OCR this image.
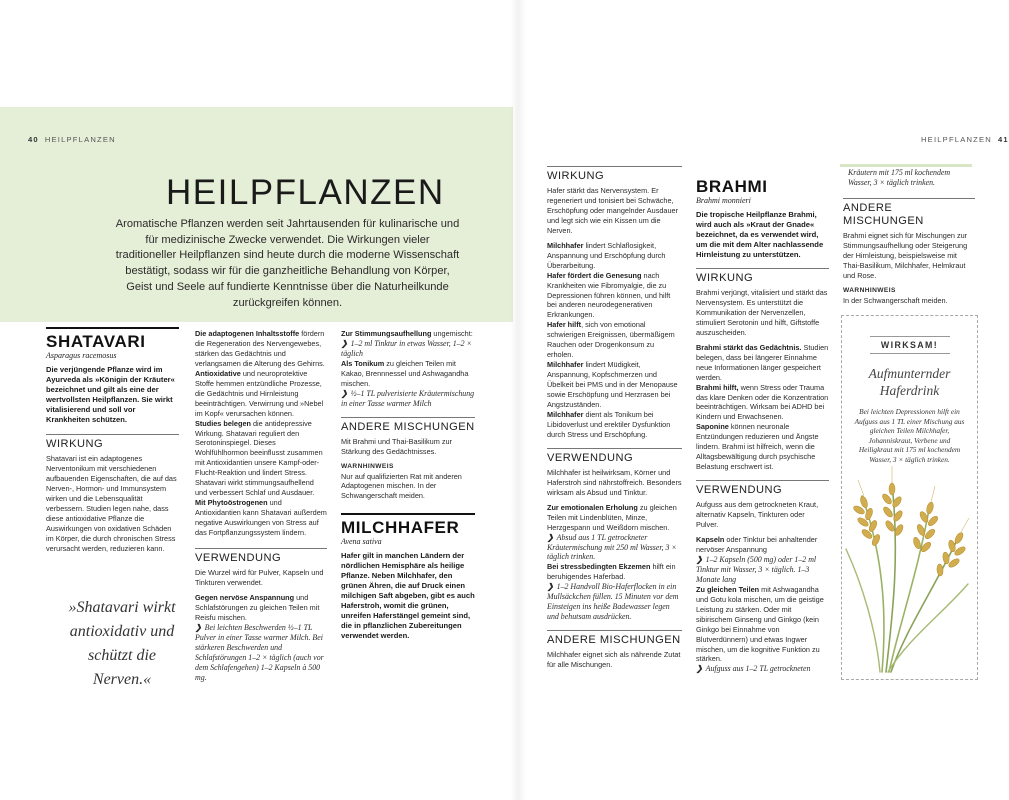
40 HEILPFLANZEN	HEILPFLANZEN 41
HEILPFLANZEN

Aromatische Pflanzen werden seit Jahrtausenden für kulinarische und für medizinische Zwecke verwendet. Die Wirkungen vieler traditioneller Heilpflanzen sind heute durch die moderne Wissenschaft bestätigt, sodass wir für die ganzheitliche Behandlung von Körper, Geist und Seele auf fundierte Kenntnisse über die Naturheilkunde zurückgreifen können.

SHATAVARI
Asparagus racemosus

Die verjüngende Pflanze wird im Ayurveda als »Königin der Kräuter« bezeichnet und gilt als eine der wertvollsten Heilpflanzen. Sie wirkt vitalisierend und soll vor Krankheiten schützen.

WIRKUNG

Shatavari ist ein adaptogenes Nerventonikum mit verschiedenen aufbauenden Eigenschaften, die auf das Nerven-, Hormon- und Immunsystem wirken und die Lebensqualität verbessern. Studien legen nahe, dass diese antioxidative Pflanze die Auswirkungen von oxidativen Schäden im Körper, die durch chronischen Stress verursacht werden, reduzieren kann.

»Shatavari wirkt antioxidativ und schützt die Nerven.«

Die adaptogenen Inhaltsstoffe fördern die Regeneration des Nervengewebes, stärken das Gedächtnis und verlangsamen die Alterung des Gehirns.

Antioxidative und neuroprotektive Stoffe hemmen entzündliche Prozesse, die Gedächtnis und Hirnleistung beeinträchtigen. Verwirrung und »Nebel im Kopf« verursachen können.

Studies belegen die antidepressive Wirkung. Shatavari reguliert den Serotoninspiegel. Dieses Wohlfühlhormon beeinflusst zusammen mit Antioxidantien unsere Kampf-oder-Flucht-Reaktion und lindert Stress. Shatavari wirkt stimmungsaufhellend und verbessert Schlaf und Ausdauer.

Mit Phytoöstrogenen und Antioxidantien kann Shatavari außerdem negative Auswirkungen von Stress auf das Fortpflanzungssystem lindern.

VERWENDUNG

Die Wurzel wird für Pulver, Kapseln und Tinkturen verwendet.

Gegen nervöse Anspannung und Schlafstörungen zu gleichen Teilen mit Reisfu mischen.

❯ Bei leichten Beschwerden ½–1 TL Pulver in einer Tasse warmer Milch. Bei stärkeren Beschwerden und Schlafstörungen 1–2 × täglich (auch vor dem Schlafengehen) 1–2 Kapseln à 500 mg.

Zur Stimmungsaufhellung ungemischt:

❯ 1–2 ml Tinktur in etwas Wasser, 1–2 × täglich

Als Tonikum zu gleichen Teilen mit Kakao, Brennnessel und Ashwagandha mischen.

❯ ½–1 TL pulverisierte Kräutermischung in einer Tasse warmer Milch

ANDERE MISCHUNGEN

Mit Brahmi und Thai-Basilikum zur Stärkung des Gedächtnisses.

WARNHINWEIS

Nur auf qualifizierten Rat mit anderen Adaptogenen mischen. In der Schwangerschaft meiden.

MILCHHAFER
Avena sativa

Hafer gilt in manchen Ländern der nördlichen Hemisphäre als heilige Pflanze. Neben Milchhafer, den grünen Ähren, die auf Druck einen milchigen Saft abgeben, gibt es auch Haferstroh, womit die grünen, unreifen Haferstängel gemeint sind, die in pflanzlichen Zubereitungen verwendet werden.

WIRKUNG

Hafer stärkt das Nervensystem. Er regeneriert und tonisiert bei Schwäche, Erschöpfung oder mangelnder Ausdauer und legt sich wie ein Kissen um die Nerven.

Milchhafer lindert Schlaflosigkeit, Anspannung und Erschöpfung durch Überarbeitung.

Hafer fördert die Genesung nach Krankheiten wie Fibromyalgie, die zu Depressionen führen können, und hilft bei anderen neurodegenerativen Erkrankungen.

Hafer hilft, sich von emotional schwierigen Ereignissen, übermäßigem Rauchen oder Drogenkonsum zu erholen.

Milchhafer lindert Müdigkeit, Anspannung, Kopfschmerzen und Übelkeit bei PMS und in der Menopause sowie Erschöpfung und Herzrasen bei Angstzuständen.

Milchhafer dient als Tonikum bei Libidoverlust und erektiler Dysfunktion durch Stress und Erschöpfung.

VERWENDUNG

Milchhafer ist heilwirksam, Körner und Haferstroh sind nährstoffreich. Besonders wirksam als Absud und Tinktur.

Zur emotionalen Erholung zu gleichen Teilen mit Lindenblüten, Minze, Herzgespann und Weißdorn mischen.

❯ Absud aus 1 TL getrockneter Kräutermischung mit 250 ml Wasser, 3 × täglich trinken.

Bei stressbedingten Ekzemen hilft ein beruhigendes Haferbad.

❯ 1–2 Handvoll Bio-Haferflocken in ein Mullsäckchen füllen. 15 Minuten vor dem Einsteigen ins heiße Badewasser legen und behutsam ausdrücken.

ANDERE MISCHUNGEN

Milchhafer eignet sich als nährende Zutat für alle Mischungen.

BRAHMI
Brahmi monnieri

Die tropische Heilpflanze Brahmi, wird auch als »Kraut der Gnade« bezeichnet, da es verwendet wird, um die mit dem Alter nachlassende Hirnleistung zu unterstützen.

WIRKUNG

Brahmi verjüngt, vitalisiert und stärkt das Nervensystem. Es unterstützt die Kommunikation der Nervenzellen, stimuliert Serotonin und hilft, Giftstoffe auszuscheiden.

Brahmi stärkt das Gedächtnis. Studien belegen, dass bei längerer Einnahme neue Informationen länger gespeichert werden.

Brahmi hilft, wenn Stress oder Trauma das klare Denken oder die Konzentration beeinträchtigen. Wirksam bei ADHD bei Kindern und Erwachsenen.

Saponine können neuronale Entzündungen reduzieren und Ängste lindern. Brahmi ist hilfreich, wenn die Alltagsbewältigung durch psychische Belastung erschwert ist.

VERWENDUNG

Aufguss aus dem getrockneten Kraut, alternativ Kapseln, Tinkturen oder Pulver.

Kapseln oder Tinktur bei anhaltender nervöser Anspannung

❯ 1–2 Kapseln (500 mg) oder 1–2 ml Tinktur mit Wasser, 3 × täglich. 1–3 Monate lang

Zu gleichen Teilen mit Ashwagandha und Gotu kola mischen, um die geistige Leistung zu stärken. Oder mit sibirischem Ginseng und Ginkgo (kein Ginkgo bei Einnahme von Blutverdünnern) und etwas Ingwer mischen, um die kognitive Funktion zu stärken.

❯ Aufguss aus 1–2 TL getrockneten

Kräutern mit 175 ml kochendem Wasser, 3 × täglich trinken.

ANDERE MISCHUNGEN

Brahmi eignet sich für Mischungen zur Stimmungsaufhellung oder Steigerung der Hirnleistung, beispielsweise mit Thai-Basilikum, Milchhafer, Helmkraut und Rose.

WARNHINWEIS

In der Schwangerschaft meiden.

WIRKSAM!
Aufmunternder Haferdrink

Bei leichten Depressionen hilft ein Aufguss aus 1 TL einer Mischung aus gleichen Teilen Milchhafer, Johanniskraut, Verbene und Heiligkraut mit 175 ml kochendem Wasser, 3 × täglich trinken.
